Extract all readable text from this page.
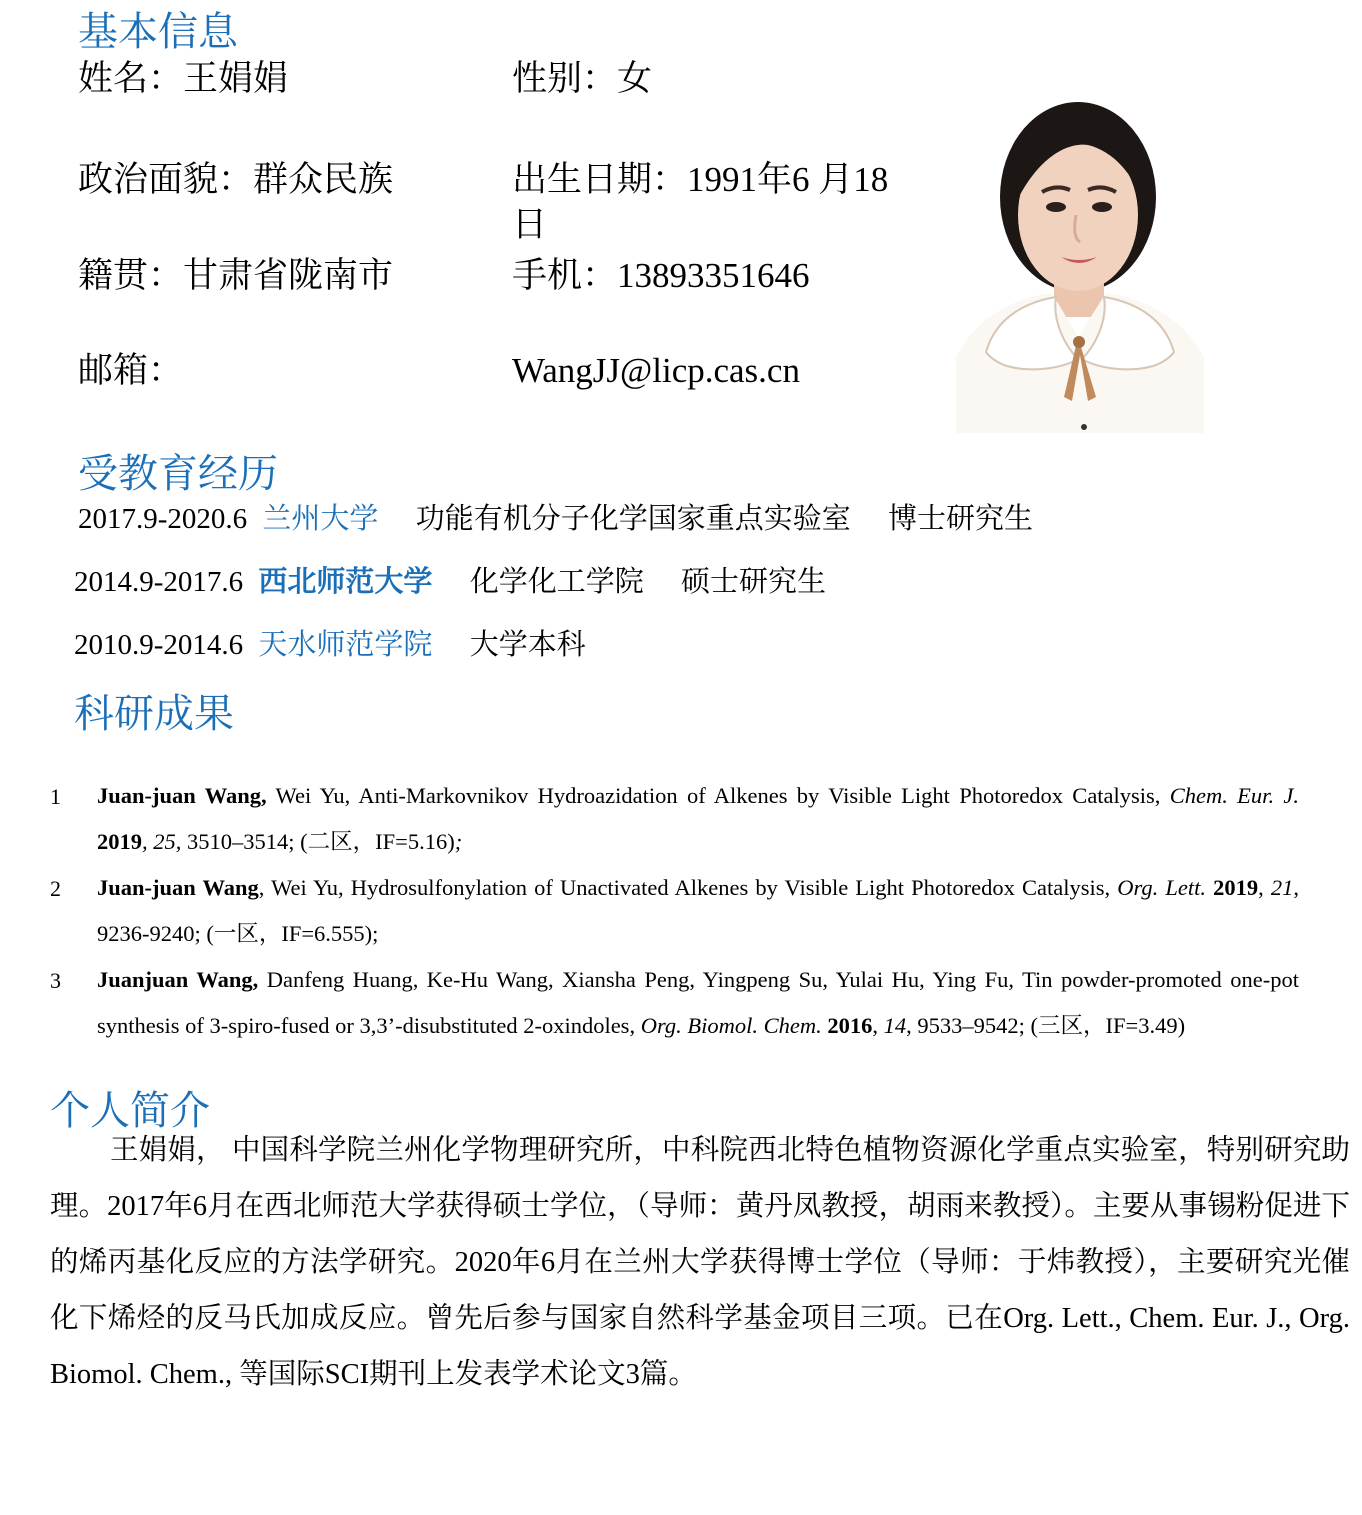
基本信息
姓名：王娟娟	性别：女
政治面貌：群众民族	出生日期：1991年6 月18
日
籍贯：甘肃省陇南市	手机：13893351646
邮箱：	WangJJ@licp.cas.cn
受教育经历
2017.9-2020.6 兰州大学 功能有机分子化学国家重点实验室 博士研究生
2014.9-2017.6 西北师范大学 化学化工学院 硕士研究生
2010.9-2014.6 天水师范学院 大学本科
科研成果
1 Juan-juan Wang, Wei Yu, Anti-Markovnikov Hydroazidation of Alkenes by Visible Light Photoredox Catalysis, Chem. Eur. J. 2019, 25, 3510–3514; (二区，IF=5.16);
2 Juan-juan Wang, Wei Yu, Hydrosulfonylation of Unactivated Alkenes by Visible Light Photoredox Catalysis, Org. Lett. 2019, 21, 9236-9240; (一区，IF=6.555);
3 Juanjuan Wang, Danfeng Huang, Ke-Hu Wang, Xiansha Peng, Yingpeng Su, Yulai Hu, Ying Fu, Tin powder-promoted one-pot synthesis of 3-spiro-fused or 3,3’-disubstituted 2-oxindoles, Org. Biomol. Chem. 2016, 14, 9533–9542; (三区，IF=3.49)
个人简介
王娟娟， 中国科学院兰州化学物理研究所，中科院西北特色植物资源化学重点实验室，特别研究助理。2017年6月在西北师范大学获得硕士学位，（导师：黄丹凤教授，胡雨来教授）。主要从事锡粉促进下的烯丙基化反应的方法学研究。2020年6月在兰州大学获得博士学位（导师：于炜教授），主要研究光催化下烯烃的反马氏加成反应。曾先后参与国家自然科学基金项目三项。已在Org. Lett., Chem. Eur. J., Org. Biomol. Chem., 等国际SCI期刊上发表学术论文3篇。
